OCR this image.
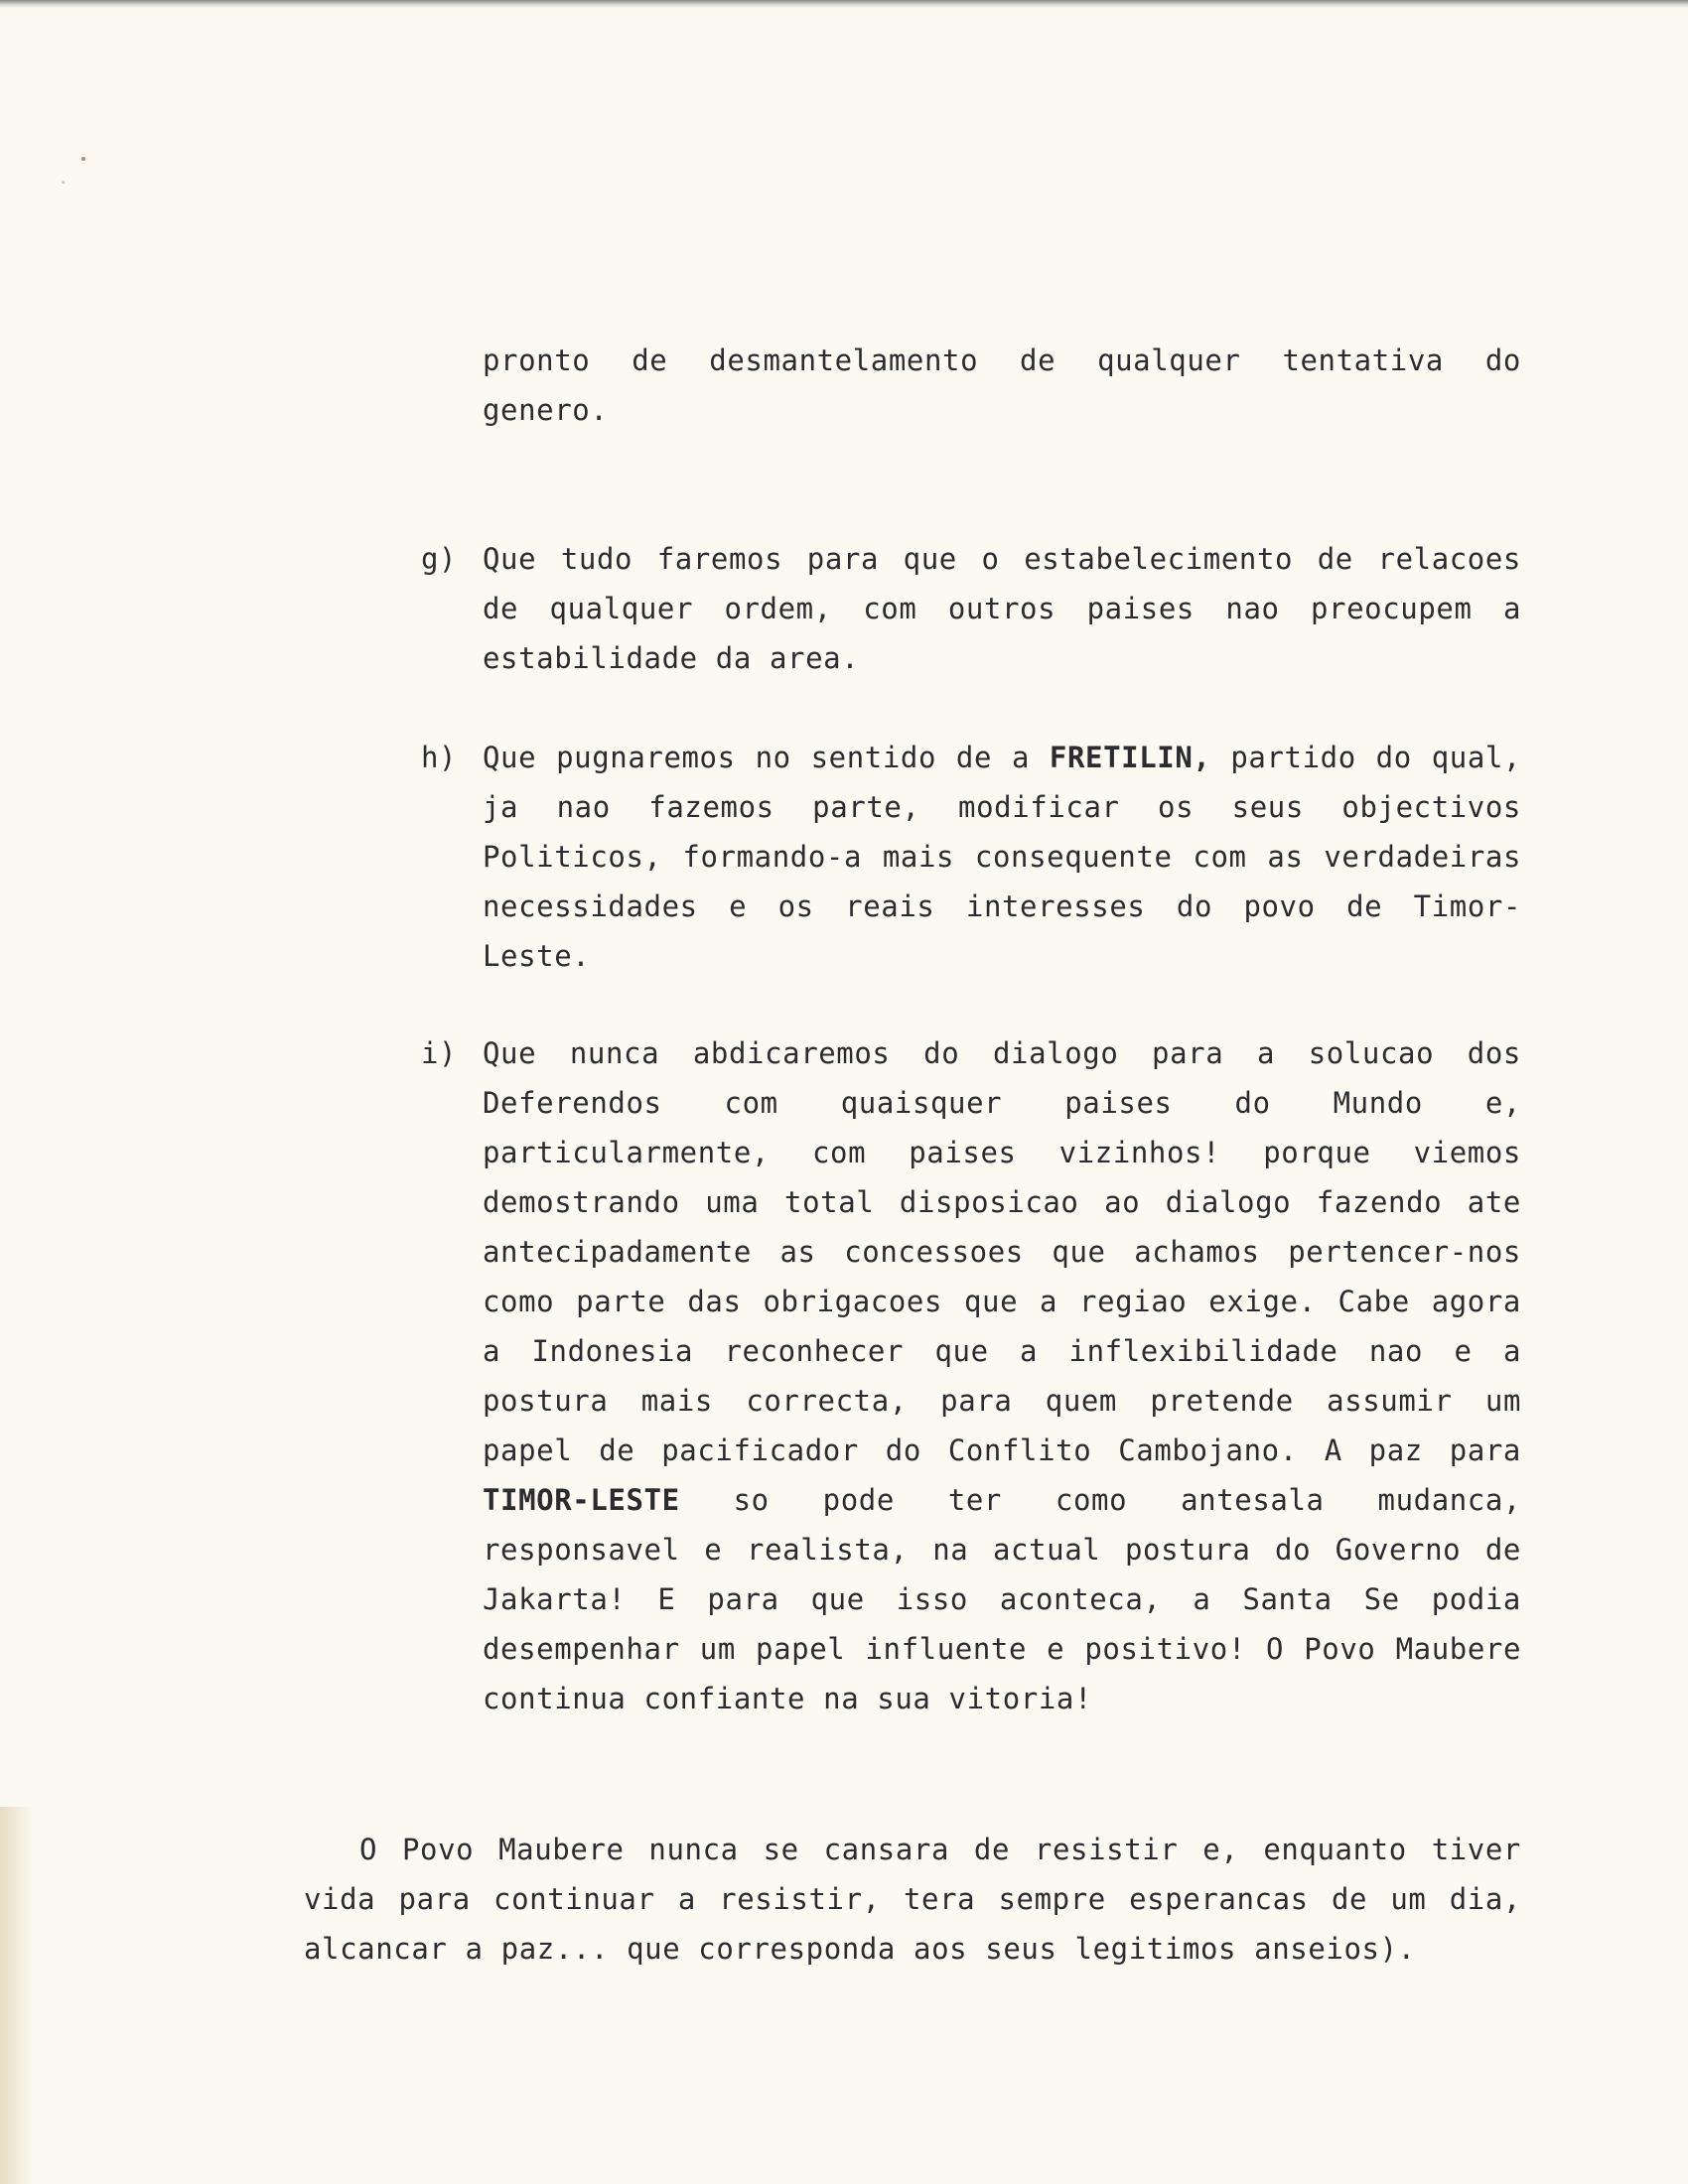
pronto de desmantelamento de qualquer tentativa do genero.
g) Que tudo faremos para que o estabelecimento de relacoes de qualquer ordem, com outros paises nao preocupem a estabilidade da area.
h) Que pugnaremos no sentido de a FRETILIN, partido do qual, ja nao fazemos parte, modificar os seus objectivos Politicos, formando-a mais consequente com as verdadeiras necessidades e os reais interesses do povo de Timor-Leste.
i) Que nunca abdicaremos do dialogo para a solucao dos Deferendos com quaisquer paises do Mundo e, particularmente, com paises vizinhos! porque viemos demostrando uma total disposicao ao dialogo fazendo ate antecipadamente as concessoes que achamos pertencer-nos como parte das obrigacoes que a regiao exige. Cabe agora a Indonesia reconhecer que a inflexibilidade nao e a postura mais correcta, para quem pretende assumir um papel de pacificador do Conflito Cambojano. A paz para TIMOR-LESTE so pode ter como antesala mudanca, responsavel e realista, na actual postura do Governo de Jakarta! E para que isso aconteca, a Santa Se podia desempenhar um papel influente e positivo! O Povo Maubere continua confiante na sua vitoria!
O Povo Maubere nunca se cansara de resistir e, enquanto tiver vida para continuar a resistir, tera sempre esperancas de um dia, alcancar a paz... que corresponda aos seus legitimos anseios).
